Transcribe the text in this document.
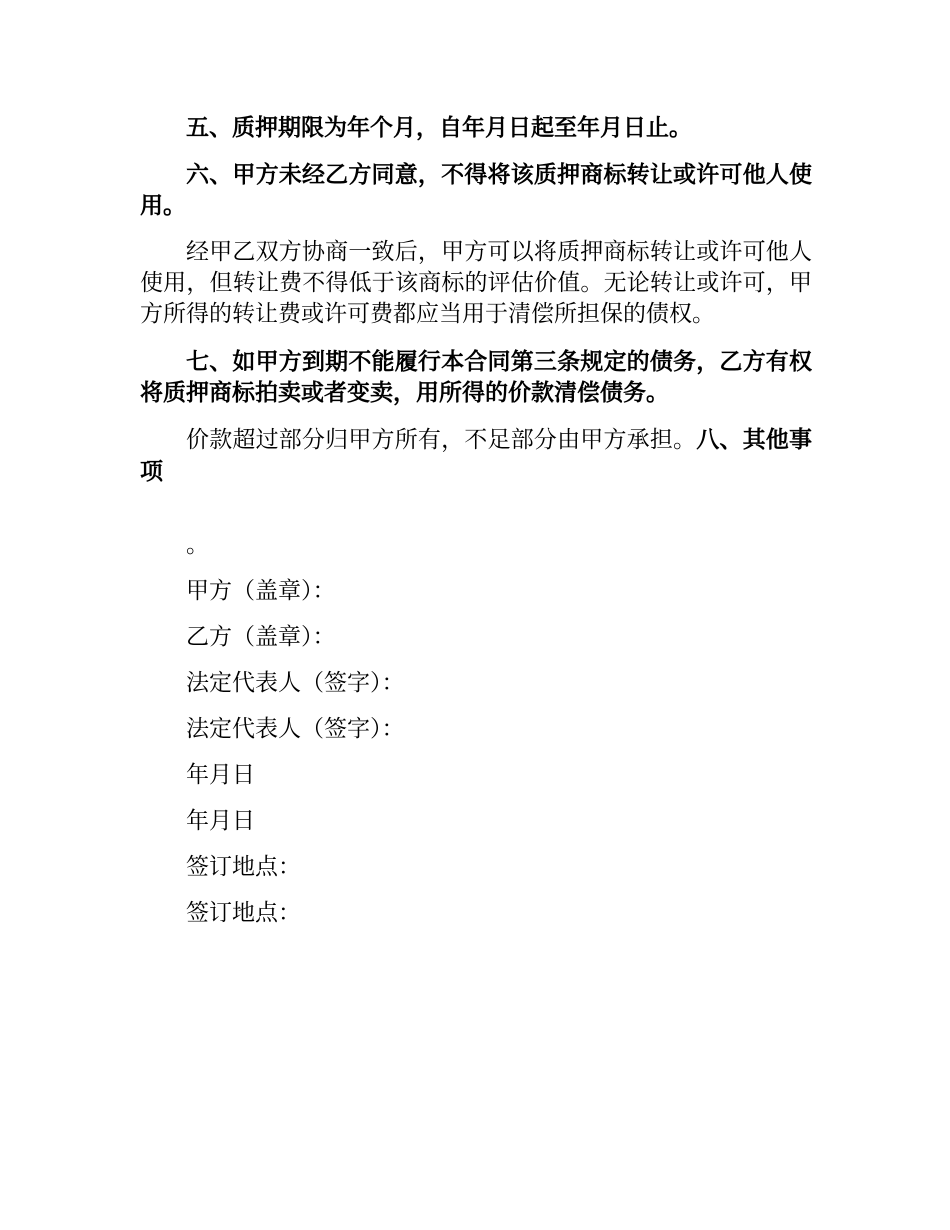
五、质押期限为年个月，自年月日起至年月日止。

六、甲方未经乙方同意，不得将该质押商标转让或许可他人使用。

经甲乙双方协商一致后，甲方可以将质押商标转让或许可他人使用，但转让费不得低于该商标的评估价值。无论转让或许可，甲方所得的转让费或许可费都应当用于清偿所担保的债权。

七、如甲方到期不能履行本合同第三条规定的债务，乙方有权将质押商标拍卖或者变卖，用所得的价款清偿债务。

价款超过部分归甲方所有，不足部分由甲方承担。八、其他事项

。

甲方（盖章）：

乙方（盖章）：

法定代表人（签字）：

法定代表人（签字）：

年月日

年月日

签订地点：

签订地点：
